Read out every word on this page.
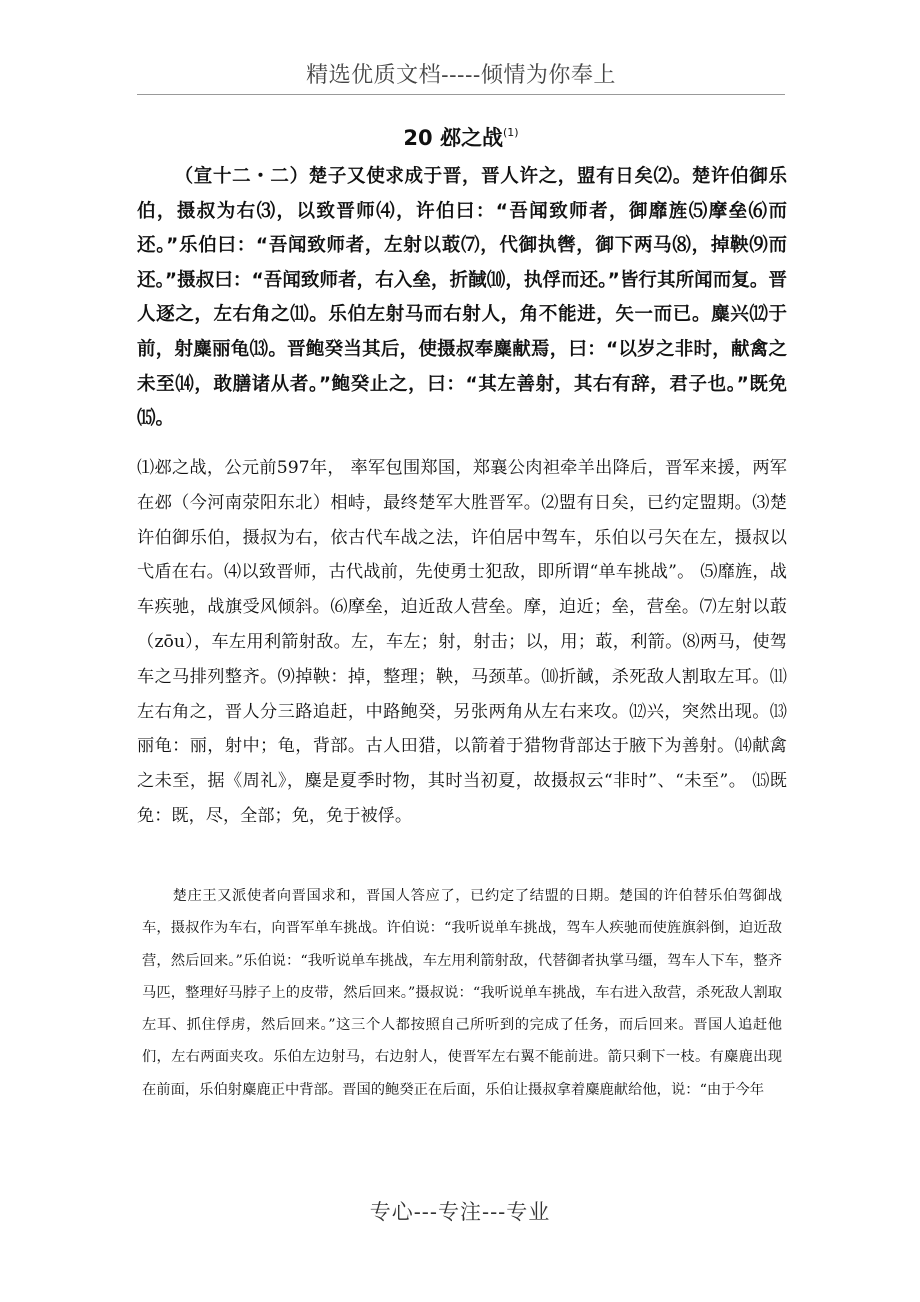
精选优质文档-----倾情为你奉上
20 邲之战$^{(1)}$
（宣十二・二）楚子又使求成于晋，晋人许之，盟有日矣⑵。楚许伯御乐伯，摄叔为右⑶，以致晋师⑷，许伯曰：“吾闻致师者，御靡旌⑸摩垒⑹而还。”乐伯曰：“吾闻致师者，左射以菆⑺，代御执辔，御下两马⑻，掉鞅⑼而还。”摄叔曰：“吾闻致师者，右入垒，折馘⑽，执俘而还。”皆行其所闻而复。晋人逐之，左右角之⑾。乐伯左射马而右射人，角不能进，矢一而已。麋兴⑿于前，射麋丽龟⒀。晋鲍癸当其后，使摄叔奉麋献焉，曰：“以岁之非时，献禽之未至⒁，敢膳诸从者。”鲍癸止之，曰：“其左善射，其右有辞，君子也。”既免⒂。
⑴邲之战，公元前597年， 率军包围郑国，郑襄公肉袒牵羊出降后，晋军来援，两军在邲（今河南荥阳东北）相峙，最终楚军大胜晋军。⑵盟有日矣，已约定盟期。⑶楚许伯御乐伯，摄叔为右，依古代车战之法，许伯居中驾车，乐伯以弓矢在左，摄叔以弋盾在右。⑷以致晋师，古代战前，先使勇士犯敌，即所谓“单车挑战”。 ⑸靡旌，战车疾驰，战旗受风倾斜。⑹摩垒，迫近敌人营垒。摩，迫近；垒，营垒。⑺左射以菆（zōu），车左用利箭射敌。左，车左；射，射击；以，用；菆，利箭。⑻两马，使驾车之马排列整齐。⑼掉鞅：掉，整理；鞅，马颈革。⑽折馘，杀死敌人割取左耳。⑾左右角之，晋人分三路追赶，中路鲍癸，另张两角从左右来攻。⑿兴，突然出现。⒀丽龟：丽，射中；龟，背部。古人田猎，以箭着于猎物背部达于腋下为善射。⒁献禽之未至，据《周礼》，麋是夏季时物，其时当初夏，故摄叔云“非时”、“未至”。 ⒂既免：既，尽，全部；免，免于被俘。
楚庄王又派使者向晋国求和，晋国人答应了，已约定了结盟的日期。楚国的许伯替乐伯驾御战车，摄叔作为车右，向晋军单车挑战。许伯说：“我听说单车挑战，驾车人疾驰而使旌旗斜倒，迫近敌营，然后回来。”乐伯说：“我听说单车挑战，车左用利箭射敌，代替御者执掌马缰，驾车人下车，整齐马匹，整理好马脖子上的皮带，然后回来。”摄叔说：“我听说单车挑战，车右进入敌营，杀死敌人割取左耳、抓住俘虏，然后回来。”这三个人都按照自己所听到的完成了任务，而后回来。晋国人追赶他们，左右两面夹攻。乐伯左边射马，右边射人，使晋军左右翼不能前进。箭只剩下一枝。有麋鹿出现在前面，乐伯射麋鹿正中背部。晋国的鲍癸正在后面，乐伯让摄叔拿着麋鹿献给他，说：“由于今年
专心---专注---专业
